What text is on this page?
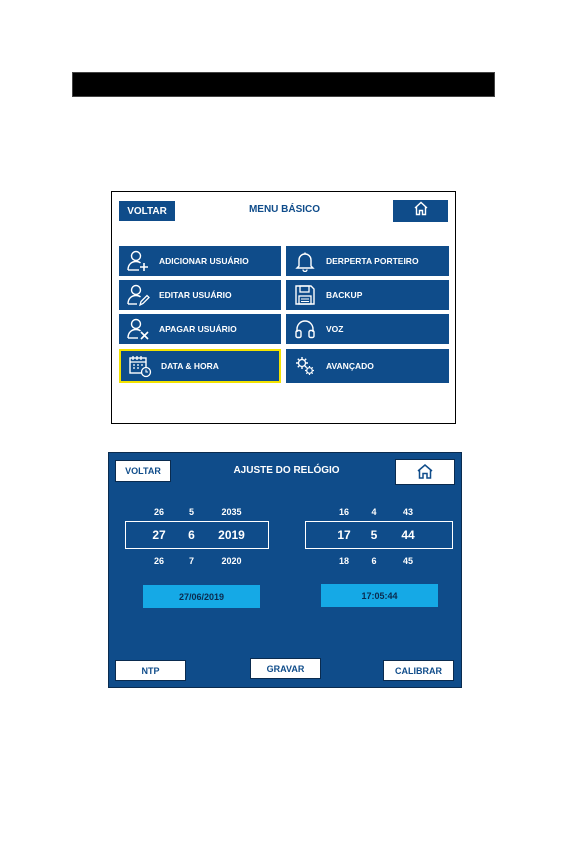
VOLTAR	MENU BÁSICO
ADICIONAR USUÁRIO	DERPERTA PORTEIRO
EDITAR USUÁRIO	BACKUP
APAGAR USUÁRIO	VOZ
DATA & HORA	AVANÇADO
VOLTAR	AJUSTE DO RELÓGIO
26	5	2035
27	6	2019
26	7	2020
16	4	43
17	5	44
18	6	45
27/06/2019	17:05:44
NTP	GRAVAR	CALIBRAR
